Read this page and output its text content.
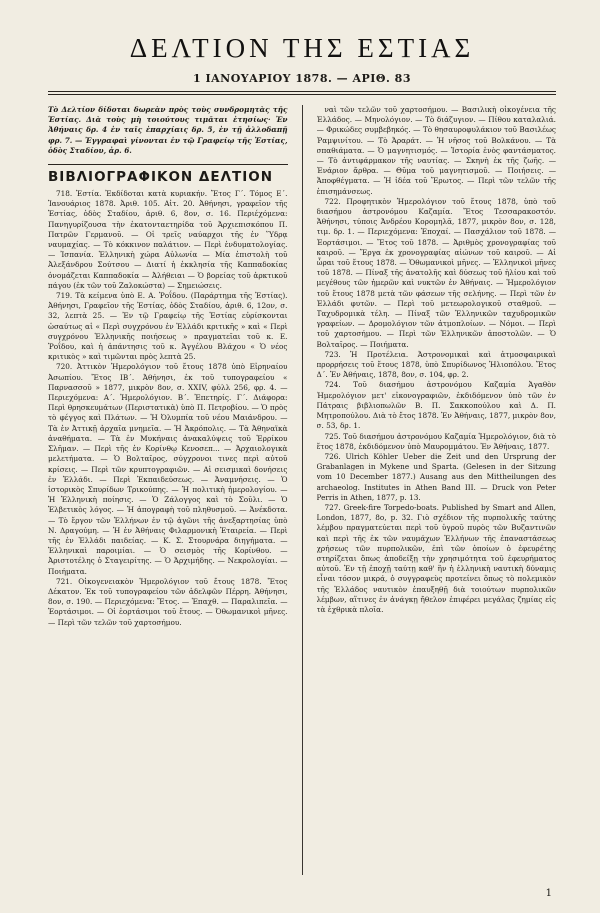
ΔΕΛΤΙΟΝ ΤΗΣ ΕΣΤΙΑΣ
1 ΙΑΝΟΥΑΡΙΟΥ 1878. — ΑΡΙΘ. 83

Τὸ Δελτίον δίδοται δωρεὰν πρὸς τοὺς συνδρομητὰς τῆς Ἑστίας. Διὰ τοὺς μὴ τοιούτους τιμᾶται ἐτησίως· Ἐν Ἀθήναις δρ. 4 ἐν ταῖς ἐπαρχίαις δρ. 5, ἐν τῇ ἀλλοδαπῇ φρ. 7. — Ἐγγραφαὶ γίνονται ἐν τῷ Γραφείῳ τῆς Ἑστίας, ὁδὸς Σταδίου, ἀρ. 6.

ΒΙΒΛΙΟΓΡΑΦΙΚΟΝ ΔΕΛΤΙΟΝ

718. Ἑστία. Ἐκδίδοται κατὰ κυριακήν. Ἔτος Γ΄. Τόμος Ε΄. Ἰανουάριος 1878. Ἀριθ. 105. Αἰτ. 20. Ἀθήνησι, γραφεῖον τῆς Ἑστίας, ὁδὸς Σταδίου, ἀριθ. 6, 8ον, σ. 16. Περιέχόμενα: Πανηγυρίζουσα τὴν ἐκατονταετηρίδα τοῦ Ἀρχιεπισκόπου Π. Πατρῶν Γερμανοῦ. — Οἱ τρεῖς ναύαρχοι τῆς ἐν Ὕδρᾳ ναυμαχίας. — Τὸ κόκκινον παλάτιον. — Περὶ ἐνδυματολογίας. — Ἰσπανία. Ἑλληνικὴ χώρα Αὐλωνία — Μία ἐπιστολὴ τοῦ Ἀλεξάνδρου Σούτσου — Διατί ἡ ἐκκλησία τῆς Καππαδοκίας ὀνομάζεται Καππαδοκία — Ἀλήθειαι — Ὁ βορείας τοῦ ἀρκτικοῦ πάγου (ἐκ τῶν τοῦ Ζαλοκώστα) — Σημειώσεις.

719. Τὰ κείμενα ὑπὸ Ε. Α. Ῥοΐδου. (Παράρτημα τῆς Ἑστίας). Ἀθήνησι, Γραφεῖον τῆς Ἑστίας, ὁδὸς Σταδίου, ἀριθ. 6, 12ον, σ. 32, λεπτὰ 25. — Ἐν τῷ Γραφείῳ τῆς Ἑστίας εὑρίσκονται ὡσαύτως αἱ « Περὶ συγχρόνου ἐν Ἑλλάδι κριτικῆς » καὶ « Περὶ συγχρόνου Ἑλληνικῆς ποιήσεως » πραγματεῖαι τοῦ κ. Ε. Ῥοΐδου, καὶ ἡ ἀπάντησις τοῦ κ. Ἀγγέλου Βλάχου « Ὁ νέος κριτικὸς » καὶ τιμῶνται πρὸς λεπτὰ 25.

720. Ἀττικὸν Ἡμερολόγιον τοῦ ἔτους 1878 ὑπὸ Εἰρηναίου Ἀσωπίου. Ἔτος ΙΒ΄. Ἀθήνησι, ἐκ τοῦ τυπογραφείου « Παρνασσοῦ » 1877, μικρὸν 8ον, σ. XXIV, φύλλ 256, φρ. 4. — Περιεχόμενα: Α΄. Ἡμερολόγιον. Β΄. Ἐπετηρίς. Γ΄. Διάφορα: Περὶ θρησκευμάτων (Περιστατικὰ) ὑπὸ Π. Πετροβίου. — Ὁ πρὸς τὸ φέγγος καὶ Πλάτων. — Ἡ Ὀλυμπία τοῦ νέου Μαιάνδρου. — Τὰ ἐν Ἀττικῇ ἀρχαῖα μνημεῖα. — Ἡ Ἀκρόπολις. — Τὰ Ἀθηναϊκὰ ἀναθήματα. — Τὰ ἐν Μυκήναις ἀνακαλύψεις τοῦ Ἑρρίκου Σλῆμαν. — Περὶ τῆς ἐν Κορίνθῳ Κενοσεπ... — Ἀρχαιολογικὰ μελετήματα. — Ὁ Βολταῖρος, σύγχρονοι τινες περὶ αὐτοῦ κρίσεις. — Περὶ τῶν κρυπτογραφιῶν. — Αἱ σεισμικαὶ δονήσεις ἐν Ἑλλάδι. — Περὶ Ἐκπαιδεύσεως. — Ἀναμνήσεις. — Ὁ ἱστορικὸς Σπυρίδων Τρικούπης. — Ἡ πολιτικὴ ἡμερολογίου. — Ἡ Ἑλληνικὴ ποίησις. — Ὁ Ζάλογγος καὶ τὸ Σοῦλι. — Ὁ Ἑλβετικὸς λόγος. — Ἡ ἀπογραφὴ τοῦ πληθυσμοῦ. — Ἀνέκδοτα. — Τὸ ἔργον τῶν Ἑλλήνων ἐν τῷ ἀγῶνι τῆς ἀνεξαρτησίας ὑπὸ Ν. Δραγούμη. — Ἡ ἐν Ἀθήναις Φιλαρμονικὴ Ἑταιρεία. — Περὶ τῆς ἐν Ἑλλάδι παιδείας. — Κ. Σ. Στουρνάρα διηγήματα. — Ἑλληνικαὶ παροιμίαι. — Ὁ σεισμὸς τῆς Κορίνθου. — Ἀριστοτέλης ὁ Σταγειρίτης. — Ὁ Ἀρχιμήδης. — Νεκρολογίαι. — Ποιήματα.

721. Οἰκογενειακὸν Ἡμερολόγιον τοῦ ἔτους 1878. Ἔτος Δέκατον. Ἐκ τοῦ τυπογραφείου τῶν ἀδελφῶν Πέρρη. Ἀθήνησι, 8ον, σ. 190. — Περιεχόμενα: Ἔτος. — Ἐπαχθ. — Παραλιπεῖα. — Ἑορτάσιμοι. — Οἱ ἑορτάσιμοι τοῦ ἔτους. — Ὀθωμανικοὶ μῆνες. — Περὶ τῶν τελῶν τοῦ χαρτοσήμου.

ναὶ τῶν τελῶν τοῦ χαρτοσήμου. — Βασιλικὴ οἰκογένεια τῆς Ἑλλάδος. — Μηνολόγιον. — Τὸ διάζυγιον. — Πίθου καταλαλιά. — Φρικώδες συμβεβηκός. — Τὸ θησαυροφυλάκιον τοῦ Βασιλέως Ῥαμψινίτου. — Τὸ Ἀραράτ. — Ἡ νῆσος τοῦ Βολκάνου. — Τὰ σπαθιάματα. — Ὁ μαγνητισμός. — Ἱστορία ἑνὸς φαντάσματος. — Τὸ ἀντιφάρμακον τῆς ναυτίας. — Σκηνὴ ἐκ τῆς ζωῆς. — Ἐνάριον ἄρθρα. — Θῦμα τοῦ μαγνητισμοῦ. — Ποιήσεις. — Ἀποφθέγματα. — Ἡ ἰδέα τοῦ Ἔρωτος. — Περὶ τῶν τελῶν τῆς ἐπισημάνσεως.

722. Προφητικὸν Ἡμερολόγιον τοῦ ἔτους 1878, ὑπὸ τοῦ διασήμου ἀστρονόμου Καζαμία. Ἔτος Τεσσαρακοστόν. Ἀθήνησι, τύποις Ἀνδρέου Κορομηλᾶ, 1877, μικρὸν 8ον, σ. 128, τιμ. δρ. 1. — Περιεχόμενα: Ἐποχαί. — Πασχάλιον τοῦ 1878. — Ἑορτάσιμοι. — Ἔτος τοῦ 1878. — Ἀριθμὸς χρονογραφίας τοῦ καιροῦ. — Ἔργα ἐκ χρονογραφίας αἰώνων τοῦ καιροῦ. — Αἱ ὧραι τοῦ ἔτους 1878. — Ὀθωμανικοὶ μῆνες. — Ἑλληνικοὶ μῆνες τοῦ 1878. — Πίναξ τῆς ἀνατολῆς καὶ δύσεως τοῦ ἡλίου καὶ τοῦ μεγέθους τῶν ἡμερῶν καὶ νυκτῶν ἐν Ἀθήναις. — Ἡμερολόγιον τοῦ ἔτους 1878 μετὰ τῶν φάσεων τῆς σελήνης. — Περὶ τῶν ἐν Ἑλλάδι φυτῶν. — Περὶ τοῦ μετεωρολογικοῦ σταθμοῦ. — Ταχυδρομικὰ τέλη. — Πίναξ τῶν Ἑλληνικῶν ταχυδρομικῶν γραφείων. — Δρομολόγιον τῶν ἀτμοπλοίων. — Νόμοι. — Περὶ τοῦ χαρτοσήμου. — Περὶ τῶν Ἑλληνικῶν ἀποστολῶν. — Ὁ Βολταῖρος. — Ποιήματα.

723. Ἡ Προτέλεια. Ἀστρονομικαὶ καὶ ἀτμοσφαιρικαὶ προρρήσεις τοῦ ἔτους 1878, ὑπὸ Σπυρίδωνος Ἡλιοπόλου. Ἔτος Δ΄. Ἐν Ἀθήναις, 1878, 8ον, σ. 104, φρ. 2.

724. Τοῦ διασήμου ἀστρονόμου Καζαμία Ἀγαθὸν Ἡμερολόγιον μετ' εἰκονογραφιῶν, ἐκδιδόμενον ὑπὸ τῶν ἐν Πάτραις βιβλιοπωλῶν Β. Π. Σακκοπούλου καὶ Δ. Π. Μητροπούλου. Διὰ τὸ ἔτος 1878. Ἐν Ἀθήναις, 1877, μικρὸν 8ον, σ. 53, δρ. 1.

725. Τοῦ διασήμου ἀστρονόμου Καζαμία Ἡμερολόγιον, διὰ τὸ ἔτος 1878, ἐκδιδόμενον ὑπὸ Μαυρομμάτου. Ἐν Ἀθήναις, 1877.

726. Ulrich Köhler Ueber die Zeit und den Ursprung der Grabanlagen in Mykene und Sparta. (Gelesen in der Sitzung vom 10 December 1877.) Ausang aus den Mittheilungen des archaeolog. Institutes in Athen Band III. — Druck von Peter Perris in Athen, 1877, p. 13.

727. Greek-fire Torpedo-boats. Published by Smart and Allen, London, 1877, 8ο, p. 32. Γιὸ σχέδιον τῆς πυρπολικῆς ταύτης λέμβου πραγματεύεται περὶ τοῦ ὑγροῦ πυρὸς τῶν Βυζαντινῶν καὶ περὶ τῆς ἐκ τῶν ναυμάχων Ἑλλήνων τῆς ἐπαναστάσεως χρήσεως τῶν πυρπολικῶν, ἐπὶ τῶν ὁποίων ὁ ἐφευρέτης στηρίζεται ὅπως ἀποδείξῃ τὴν χρησιμότητα τοῦ ἐφευρήματος αὐτοῦ. Ἐν τῇ ἐποχῇ ταύτῃ καθ' ἣν ἡ ἐλληνικὴ ναυτικὴ δύναμις εἶναι τόσον μικρά, ὁ συγγραφεὺς προτείνει ὅπως τὸ πολεμικὸν τῆς Ἑλλάδος ναυτικὸν ἐπαυξηθῇ διὰ τοιούτων πυρπολικῶν λέμβων, αἵτινες ἐν ἀνάγκῃ ἤθελον ἐπιφέρει μεγάλας ζημίας εἰς τὰ ἐχθρικὰ πλοῖα.

1
